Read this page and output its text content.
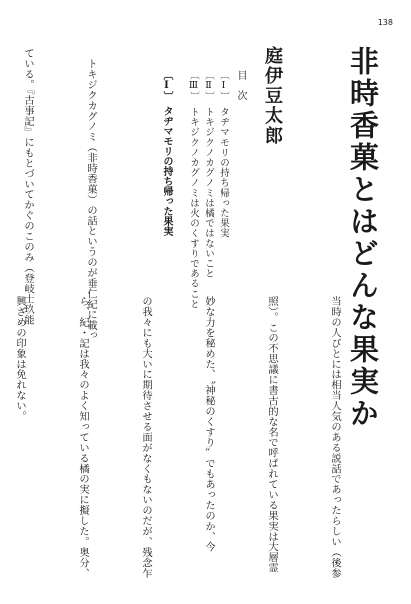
138
非時香菓とはどんな果実か
庭伊豆太郎
目　次
〔Ⅰ〕　タヂマモリの持ち帰った果実
〔Ⅱ〕　トキジクノカグノミは橘ではないこと
〔Ⅲ〕　トキジクノカグノミは火のくすりであること
〔Ⅰ〕　タヂマモリの持ち帰った果実

　トキジクカグノミ（非時香菓）の話というのが垂仁紀に載っ

ている。『古事記』にもとづいてかぐのこのみ（登岐士玖能

当時の人びとには相当人気のある説話であったらしい（後参

照）。この不思議に書古的な名で呼ばれている果実は大層霊

妙な力を秘めた、〝神秘のくすり〟でもあったのか、今

の我々にも大いに期待させる面がなくもないのだが、残念乍

ら、紀・記は我々のよく知っている橘の実に擬した。奥分、

興ざめの印象は免れない。
